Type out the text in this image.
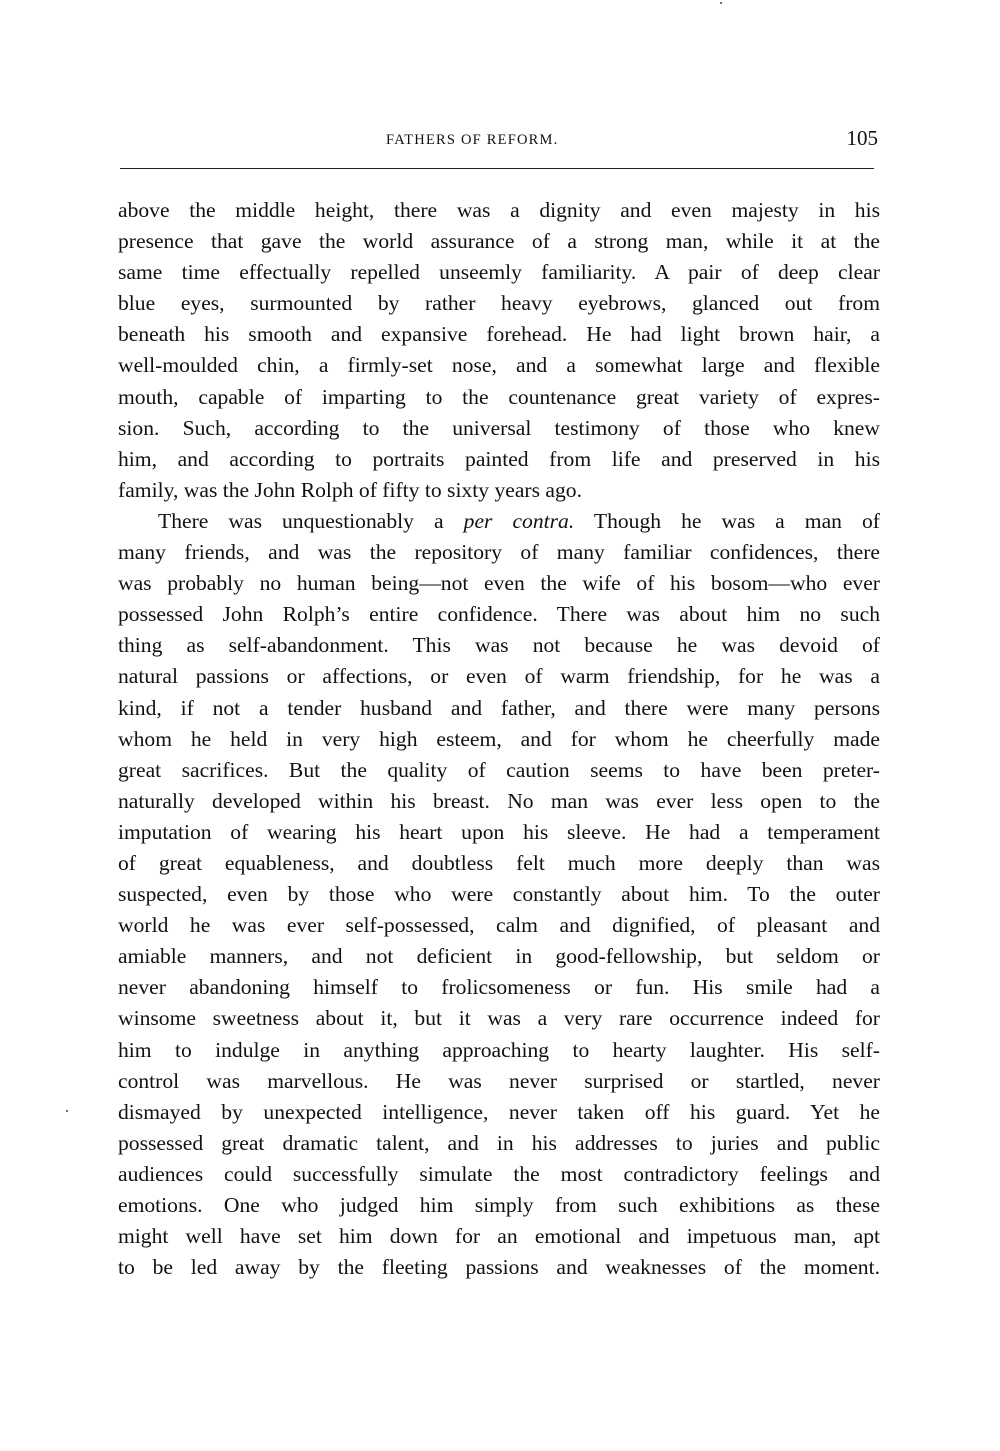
FATHERS OF REFORM.	105
above the middle height, there was a dignity and even majesty in his
presence that gave the world assurance of a strong man, while it at the
same time effectually repelled unseemly familiarity. A pair of deep clear
blue eyes, surmounted by rather heavy eyebrows, glanced out from
beneath his smooth and expansive forehead. He had light brown hair, a
well-moulded chin, a firmly-set nose, and a somewhat large and flexible
mouth, capable of imparting to the countenance great variety of expres-
sion. Such, according to the universal testimony of those who knew
him, and according to portraits painted from life and preserved in his
family, was the John Rolph of fifty to sixty years ago.
There was unquestionably a per contra. Though he was a man of
many friends, and was the repository of many familiar confidences, there
was probably no human being—not even the wife of his bosom—who ever
possessed John Rolph’s entire confidence. There was about him no such
thing as self-abandonment. This was not because he was devoid of
natural passions or affections, or even of warm friendship, for he was a
kind, if not a tender husband and father, and there were many persons
whom he held in very high esteem, and for whom he cheerfully made
great sacrifices. But the quality of caution seems to have been preter-
naturally developed within his breast. No man was ever less open to the
imputation of wearing his heart upon his sleeve. He had a temperament
of great equableness, and doubtless felt much more deeply than was
suspected, even by those who were constantly about him. To the outer
world he was ever self-possessed, calm and dignified, of pleasant and
amiable manners, and not deficient in good-fellowship, but seldom or
never abandoning himself to frolicsomeness or fun. His smile had a
winsome sweetness about it, but it was a very rare occurrence indeed for
him to indulge in anything approaching to hearty laughter. His self-
control was marvellous. He was never surprised or startled, never
dismayed by unexpected intelligence, never taken off his guard. Yet he
possessed great dramatic talent, and in his addresses to juries and public
audiences could successfully simulate the most contradictory feelings and
emotions. One who judged him simply from such exhibitions as these
might well have set him down for an emotional and impetuous man, apt
to be led away by the fleeting passions and weaknesses of the moment.
